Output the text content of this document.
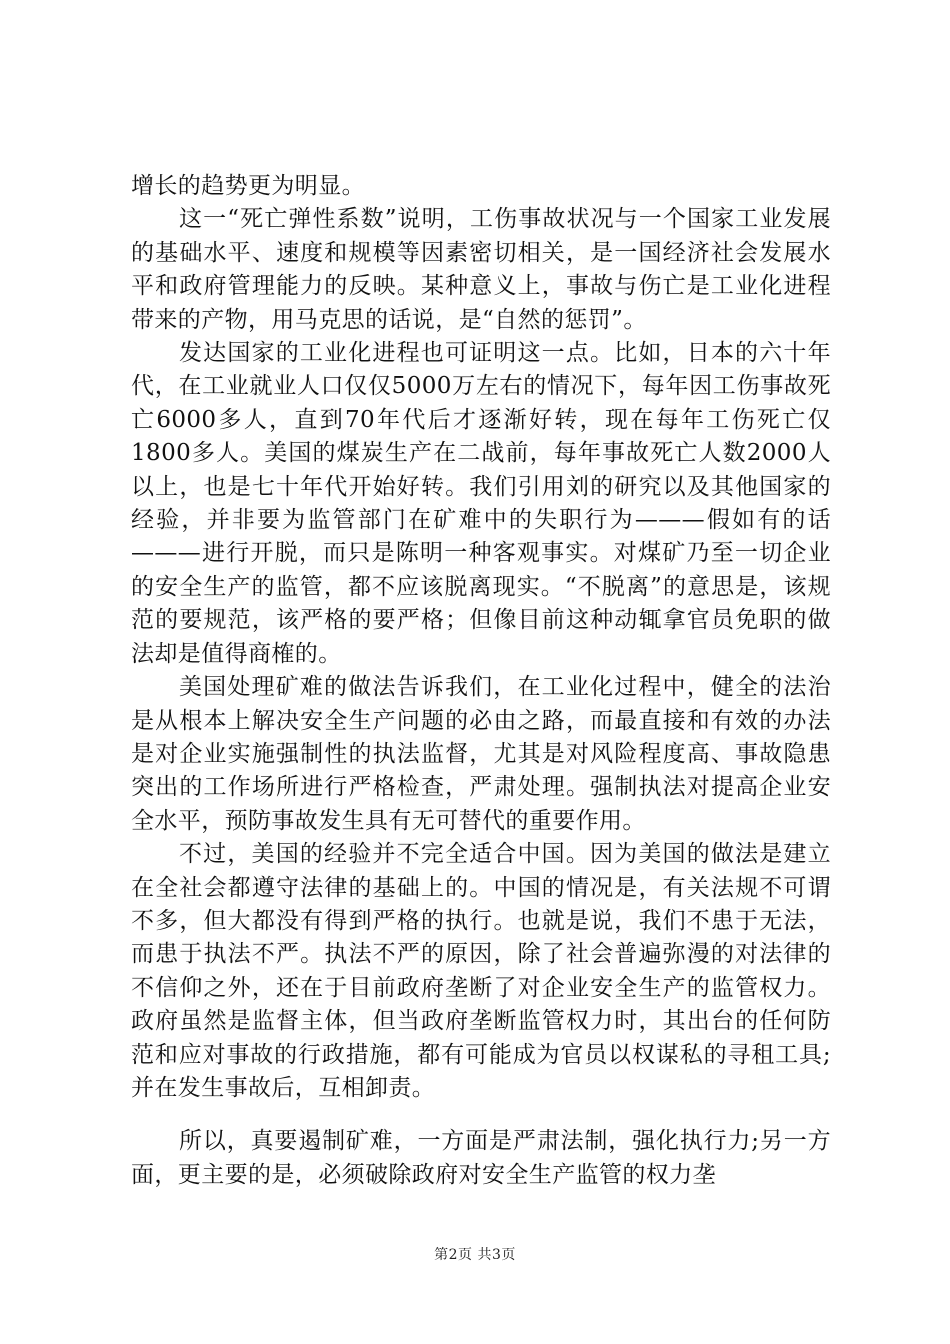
增长的趋势更为明显。

这一“死亡弹性系数”说明，工伤事故状况与一个国家工业发展的基础水平、速度和规模等因素密切相关，是一国经济社会发展水平和政府管理能力的反映。某种意义上，事故与伤亡是工业化进程带来的产物，用马克思的话说，是“自然的惩罚”。

发达国家的工业化进程也可证明这一点。比如，日本的六十年代，在工业就业人口仅仅5000万左右的情况下，每年因工伤事故死亡6000多人，直到70年代后才逐渐好转，现在每年工伤死亡仅1800多人。美国的煤炭生产在二战前，每年事故死亡人数2000人以上，也是七十年代开始好转。我们引用刘的研究以及其他国家的经验，并非要为监管部门在矿难中的失职行为———假如有的话———进行开脱，而只是陈明一种客观事实。对煤矿乃至一切企业的安全生产的监管，都不应该脱离现实。“不脱离”的意思是，该规范的要规范，该严格的要严格；但像目前这种动辄拿官员免职的做法却是值得商榷的。

美国处理矿难的做法告诉我们，在工业化过程中，健全的法治是从根本上解决安全生产问题的必由之路，而最直接和有效的办法是对企业实施强制性的执法监督，尤其是对风险程度高、事故隐患突出的工作场所进行严格检查，严肃处理。强制执法对提高企业安全水平，预防事故发生具有无可替代的重要作用。

不过，美国的经验并不完全适合中国。因为美国的做法是建立在全社会都遵守法律的基础上的。中国的情况是，有关法规不可谓不多，但大都没有得到严格的执行。也就是说，我们不患于无法，而患于执法不严。执法不严的原因，除了社会普遍弥漫的对法律的不信仰之外，还在于目前政府垄断了对企业安全生产的监管权力。政府虽然是监督主体，但当政府垄断监管权力时，其出台的任何防范和应对事故的行政措施，都有可能成为官员以权谋私的寻租工具;并在发生事故后，互相卸责。

所以，真要遏制矿难，一方面是严肃法制，强化执行力;另一方面，更主要的是，必须破除政府对安全生产监管的权力垄

第2页 共3页
